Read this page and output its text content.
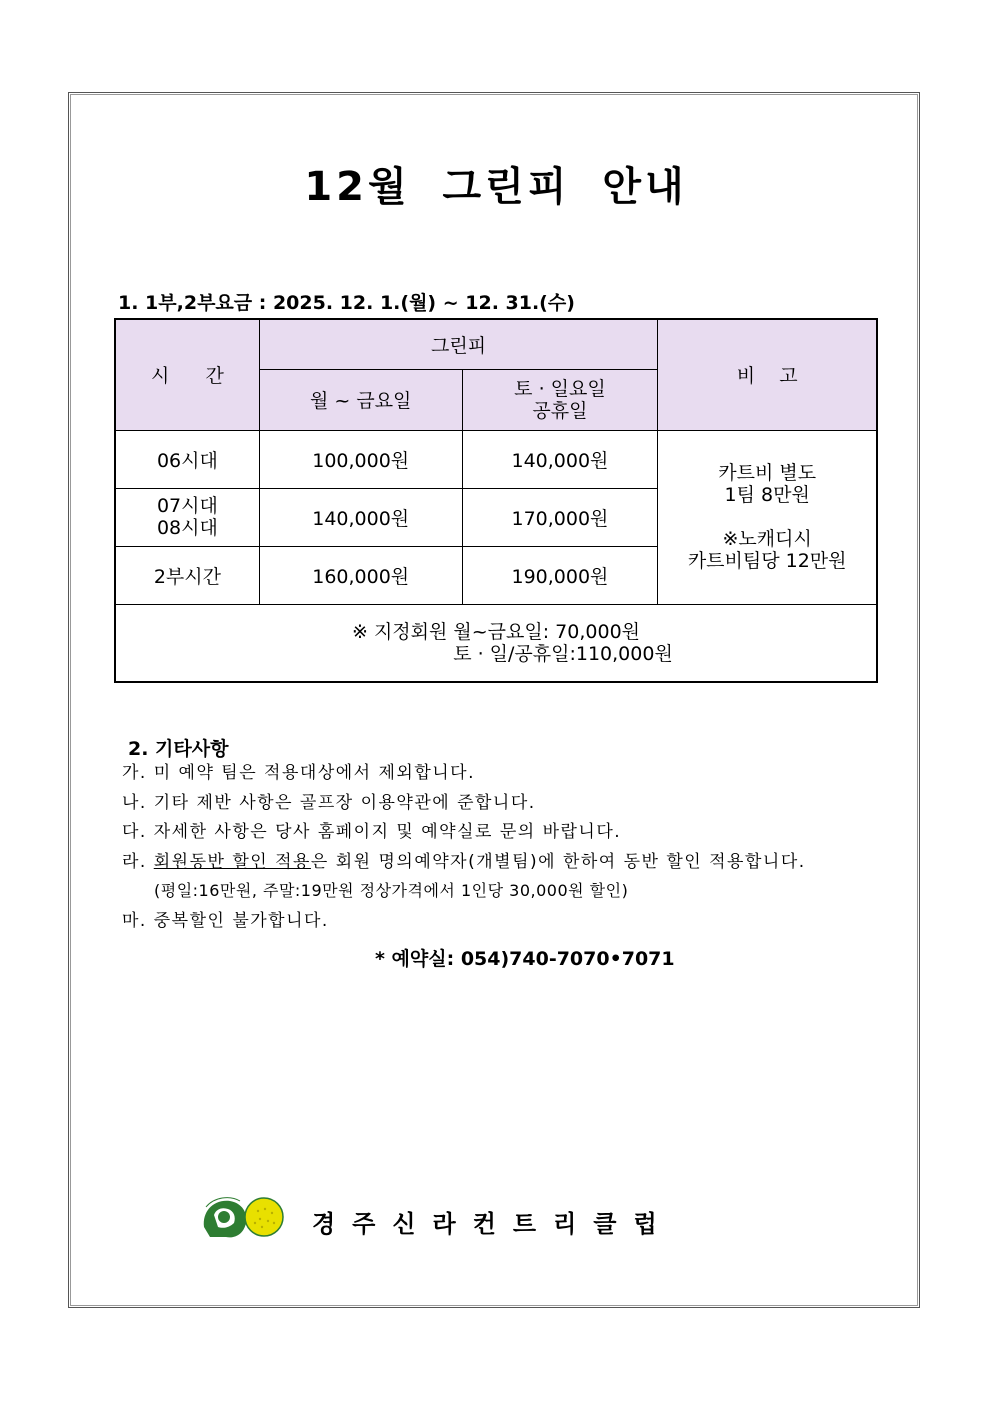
12월 그린피 안내
1. 1부,2부요금 : 2025. 12. 1.(월) ~ 12. 31.(수)
시      간	그린피		비    고
	월 ~ 금요일	토 · 일요일
공휴일	

06시대	100,000원	140,000원	카트비 별도
1팀 8만원
※노캐디시
카트비팀당 12만원

07시대
08시대	140,000원	170,000원	
2부시간	160,000원	190,000원	

※ 지정회원 월~금요일: 70,000원
토 · 일/공휴일:110,000원			
2. 기타사항
가. 미 예약 팀은 적용대상에서 제외합니다.
나. 기타 제반 사항은 골프장 이용약관에 준합니다.
다. 자세한 사항은 당사 홈페이지 및 예약실로 문의 바랍니다.
라. 회원동반 할인 적용은 회원 명의예약자(개별팀)에 한하여 동반 할인 적용합니다.
(평일:16만원, 주말:19만원 정상가격에서 1인당 30,000원 할인)
마. 중복할인 불가합니다.
* 예약실: 054)740-7070•7071
경주신라컨트리클럽
